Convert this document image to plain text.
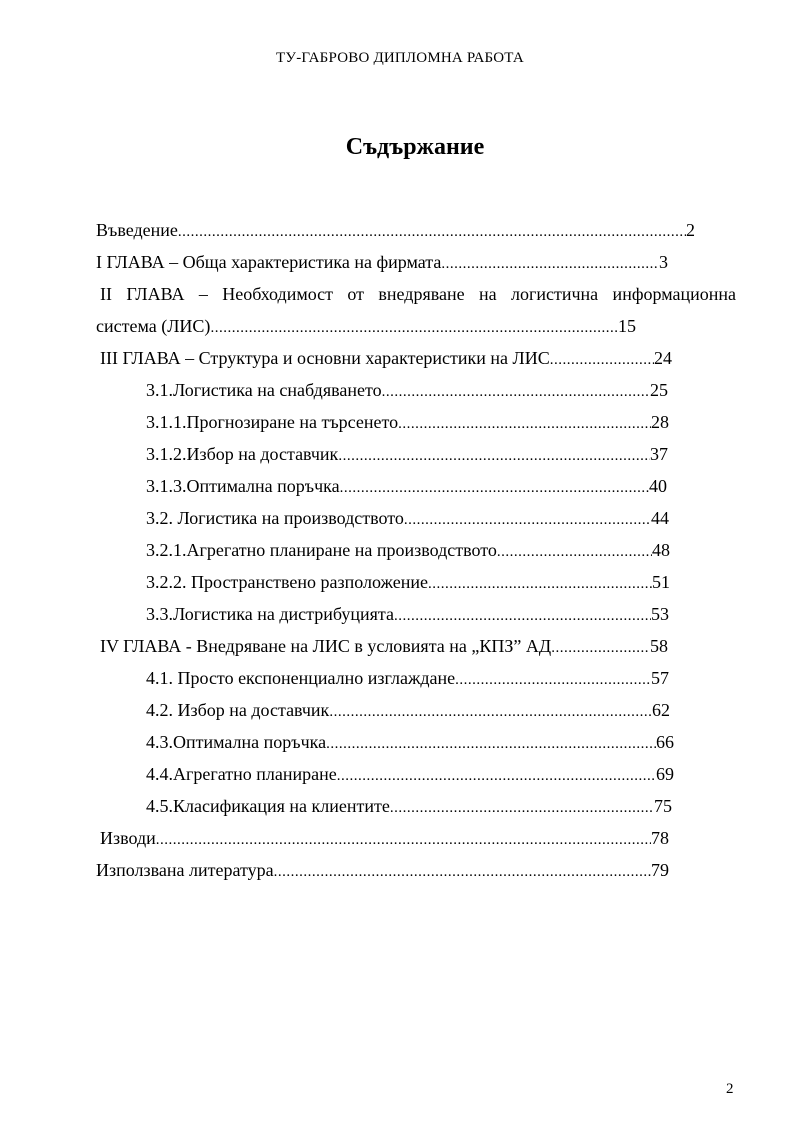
ТУ-ГАБРОВО ДИПЛОМНА РАБОТА
Съдържание
Въведение .....	2
I ГЛАВА – Обща характеристика на фирмата .....	3
II ГЛАВА – Необходимост от внедряване на логистична информационна
система (ЛИС) .....	15
III ГЛАВА – Структура и основни характеристики на ЛИС .....	24
3.1.Логистика на снабдяването .....	25
3.1.1.Прогнозиране на търсенето .....	28
3.1.2.Избор на доставчик .....	37
3.1.3.Оптимална поръчка .....	40
3.2. Логистика на производството .....	44
3.2.1.Агрегатно планиране на производството .....	48
3.2.2. Пространствено разположение .....	51
3.3.Логистика на дистрибуцията .....	53
IV ГЛАВА - Внедряване на ЛИС в условията на „КПЗ” АД .....	58
4.1. Просто експоненциално изглаждане .....	57
4.2. Избор на доставчик .....	62
4.3.Оптимална поръчка .....	66
4.4.Агрегатно планиране .....	69
4.5.Класификация на клиентите .....	75
Изводи .....	78
Използвана литература .....	79
2
